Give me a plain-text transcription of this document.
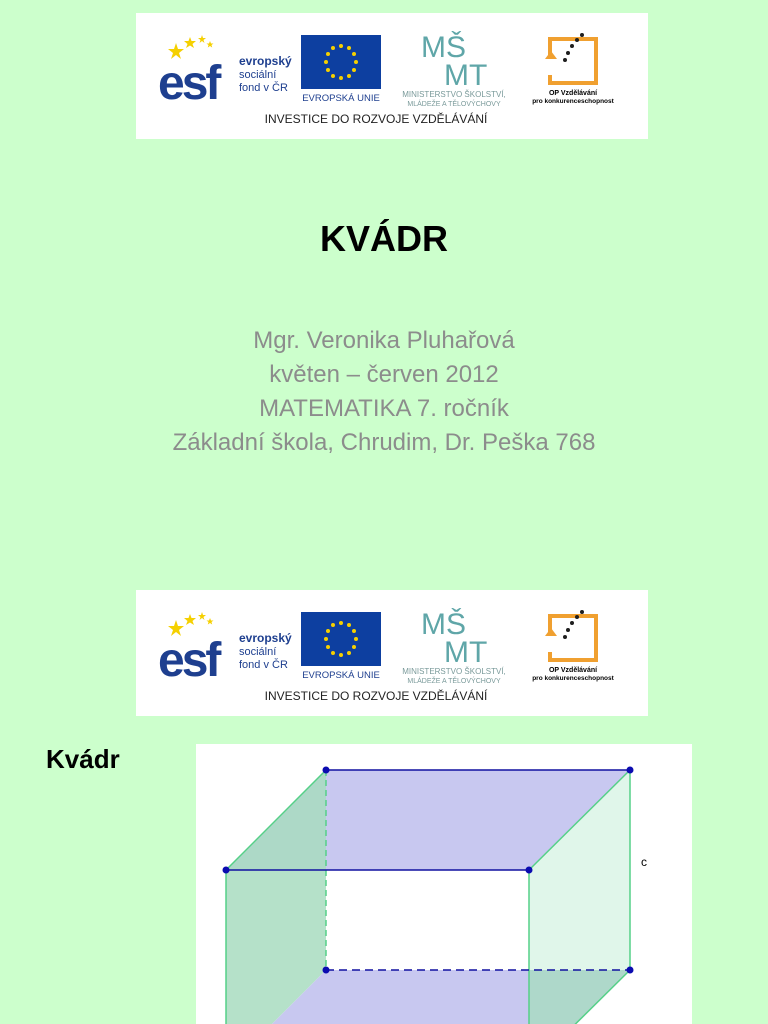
esf	evropský
sociální
fond v ČR
EVROPSKÁ UNIE
MŠ
MT
MINISTERSTVO ŠKOLSTVÍ,
MLÁDEŽE A TĚLOVÝCHOVY
OP Vzdělávání
pro konkurenceschopnost
INVESTICE DO ROZVOJE VZDĚLÁVÁNÍ
KVÁDR
Mgr. Veronika Pluhařová
květen – červen 2012
MATEMATIKA 7. ročník
Základní škola, Chrudim, Dr. Peška 768
esf	evropský
sociální
fond v ČR
EVROPSKÁ UNIE
MŠ
MT
MINISTERSTVO ŠKOLSTVÍ,
MLÁDEŽE A TĚLOVÝCHOVY
OP Vzdělávání
pro konkurenceschopnost
INVESTICE DO ROZVOJE VZDĚLÁVÁNÍ
Kvádr
c
